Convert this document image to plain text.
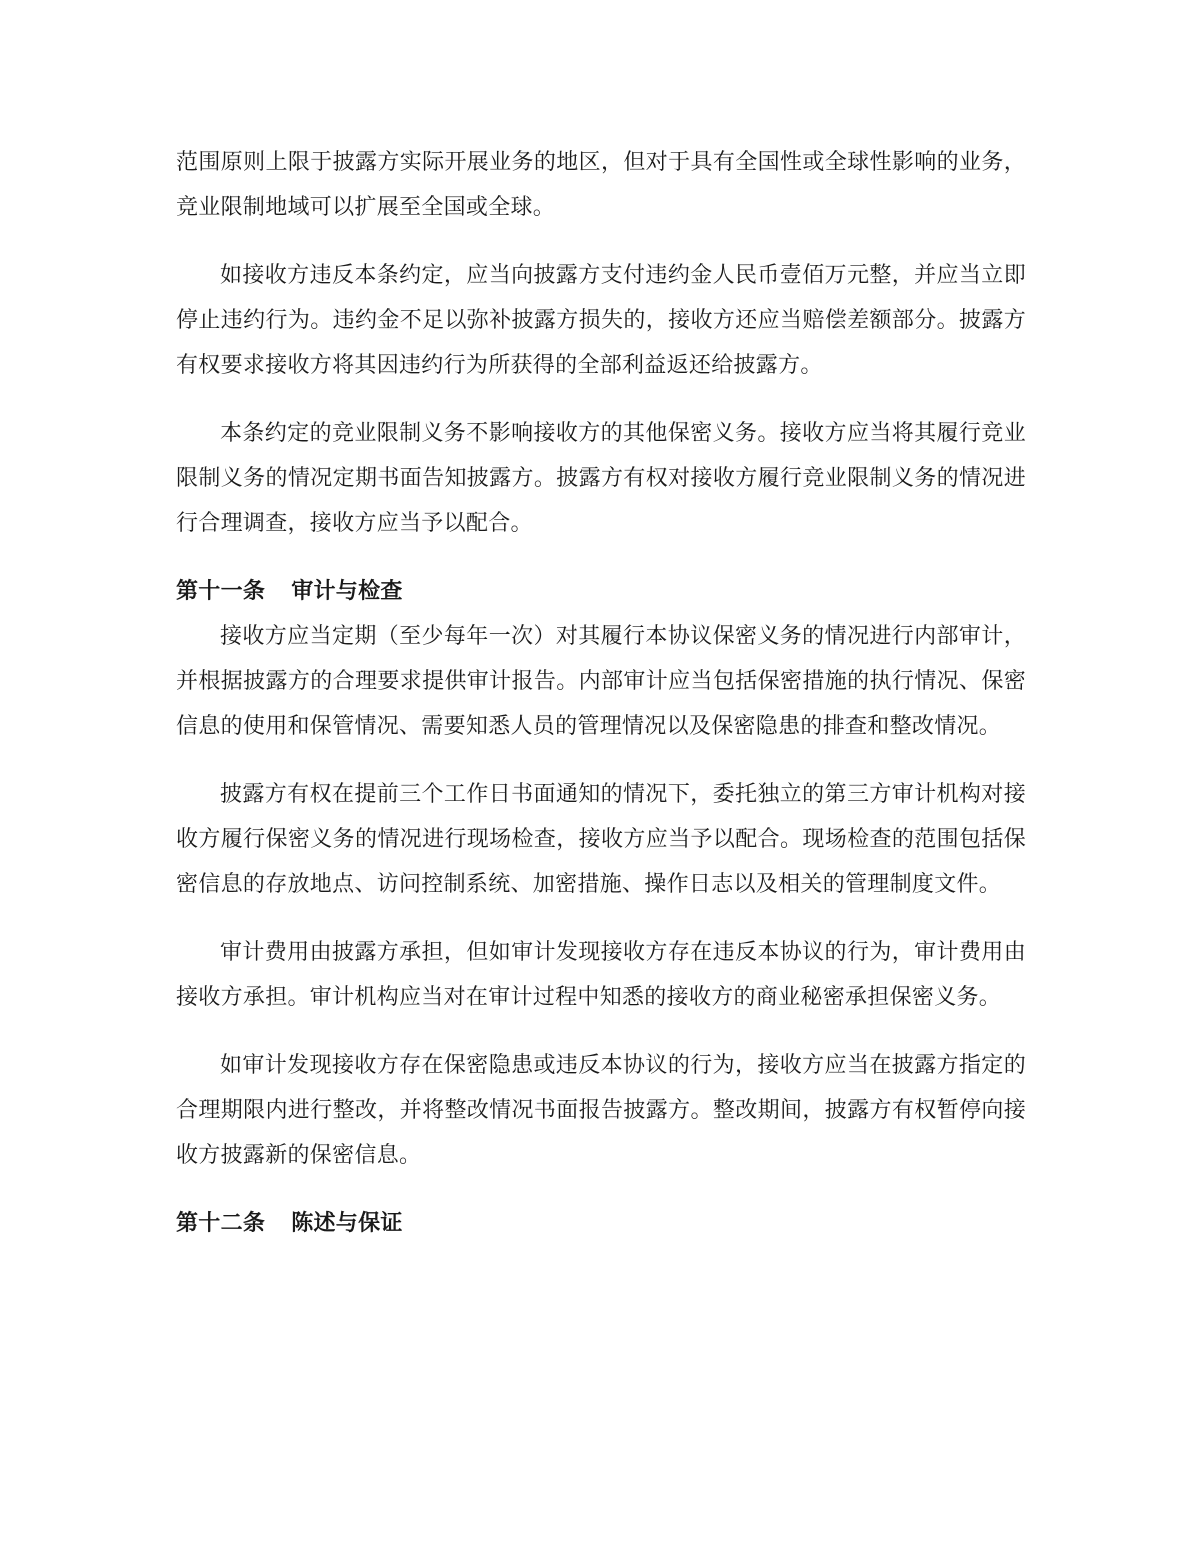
范围原则上限于披露方实际开展业务的地区，但对于具有全国性或全球性影响的业务，竞业限制地域可以扩展至全国或全球。

如接收方违反本条约定，应当向披露方支付违约金人民币壹佰万元整，并应当立即停止违约行为。违约金不足以弥补披露方损失的，接收方还应当赔偿差额部分。披露方有权要求接收方将其因违约行为所获得的全部利益返还给披露方。

本条约定的竞业限制义务不影响接收方的其他保密义务。接收方应当将其履行竞业限制义务的情况定期书面告知披露方。披露方有权对接收方履行竞业限制义务的情况进行合理调查，接收方应当予以配合。

第十一条 审计与检查

接收方应当定期（至少每年一次）对其履行本协议保密义务的情况进行内部审计，并根据披露方的合理要求提供审计报告。内部审计应当包括保密措施的执行情况、保密信息的使用和保管情况、需要知悉人员的管理情况以及保密隐患的排查和整改情况。

披露方有权在提前三个工作日书面通知的情况下，委托独立的第三方审计机构对接收方履行保密义务的情况进行现场检查，接收方应当予以配合。现场检查的范围包括保密信息的存放地点、访问控制系统、加密措施、操作日志以及相关的管理制度文件。

审计费用由披露方承担，但如审计发现接收方存在违反本协议的行为，审计费用由接收方承担。审计机构应当对在审计过程中知悉的接收方的商业秘密承担保密义务。

如审计发现接收方存在保密隐患或违反本协议的行为，接收方应当在披露方指定的合理期限内进行整改，并将整改情况书面报告披露方。整改期间，披露方有权暂停向接收方披露新的保密信息。

第十二条 陈述与保证
